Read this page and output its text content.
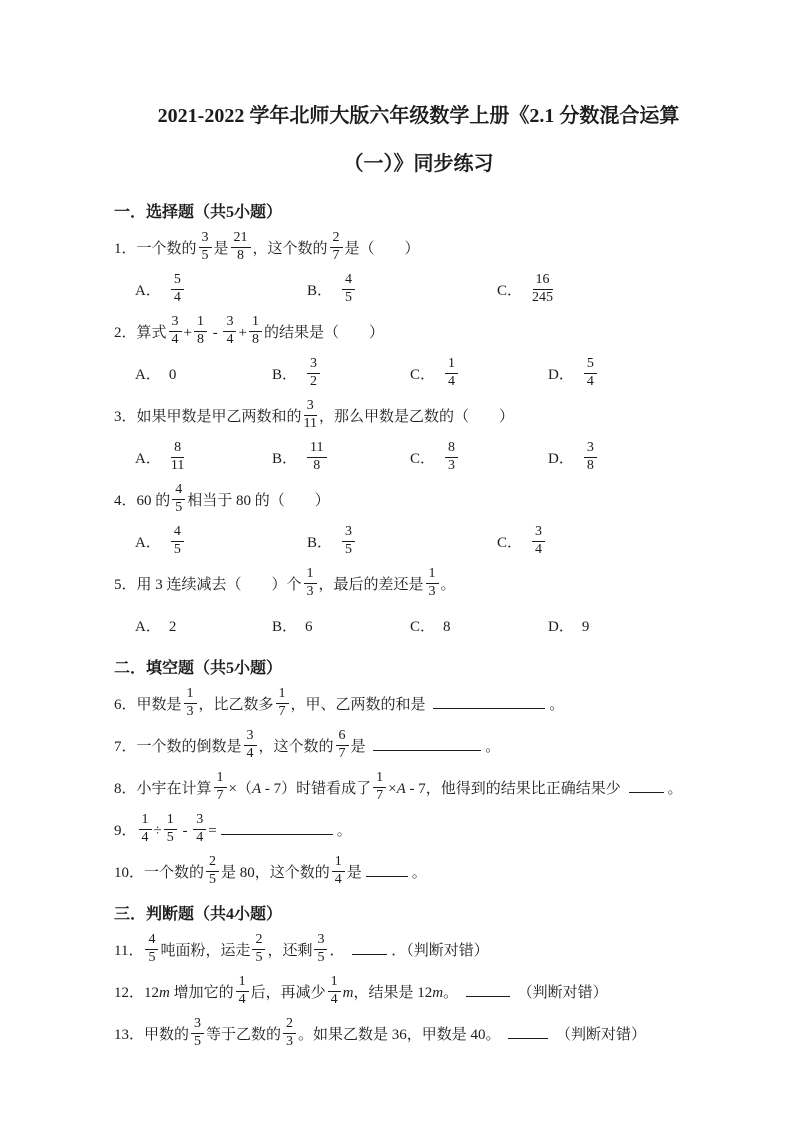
2021-2022 学年北师大版六年级数学上册《2.1 分数混合运算
（一）》同步练习
一．选择题（共5小题）
1．一个数的 $\frac{3}{5}$ 是 $\frac{21}{8}$ ，这个数的 $\frac{2}{7}$ 是（　　）
A． $\frac{5}{4}$	B． $\frac{4}{5}$	C． $\frac{16}{245}$
2．算式 $\frac{3}{4} + \frac{1}{8} - \frac{3}{4} + \frac{1}{8}$ 的结果是（　　）
A． 0	B． $\frac{3}{2}$	C． $\frac{1}{4}$	D． $\frac{5}{4}$
3．如果甲数是甲乙两数和的 $\frac{3}{11}$ ，那么甲数是乙数的（　　）
A． $\frac{8}{11}$	B． $\frac{11}{8}$	C． $\frac{8}{3}$	D． $\frac{3}{8}$
4．60 的 $\frac{4}{5}$ 相当于 80 的（　　）
A． $\frac{4}{5}$	B． $\frac{3}{5}$	C． $\frac{3}{4}$
5．用 3 连续减去（　　）个 $\frac{1}{3}$ ，最后的差还是 $\frac{1}{3}$ 。
A． 2	B． 6	C． 8	D． 9
二．填空题（共5小题）
6．甲数是 $\frac{1}{3}$ ，比乙数多 $\frac{1}{7}$ ，甲、乙两数的和是	。
7．一个数的倒数是 $\frac{3}{4}$ ，这个数的 $\frac{6}{7}$ 是	。
8．小宇在计算 $\frac{1}{7} \times(A - 7)$时错看成了 $\frac{1}{7} \times A - 7$，他得到的结果比正确结果少	。
9． $\frac{1}{4} \div \frac{1}{5} - \frac{3}{4}$ =	。
10．一个数的 $\frac{2}{5}$ 是 80，这个数的 $\frac{1}{4}$ 是	。
三．判断题（共4小题）
11． $\frac{4}{5}$ 吨面粉，运走 $\frac{2}{5}$ ，还剩 $\frac{3}{5}$ ．	．（判断对错）
12．12m 增加它的 $\frac{1}{4}$ 后，再减少 $\frac{1}{4}$ m，结果是 12m。	（判断对错）
13．甲数的 $\frac{3}{5}$ 等于乙数的 $\frac{2}{3}$ 。如果乙数是 36，甲数是 40。	（判断对错）
